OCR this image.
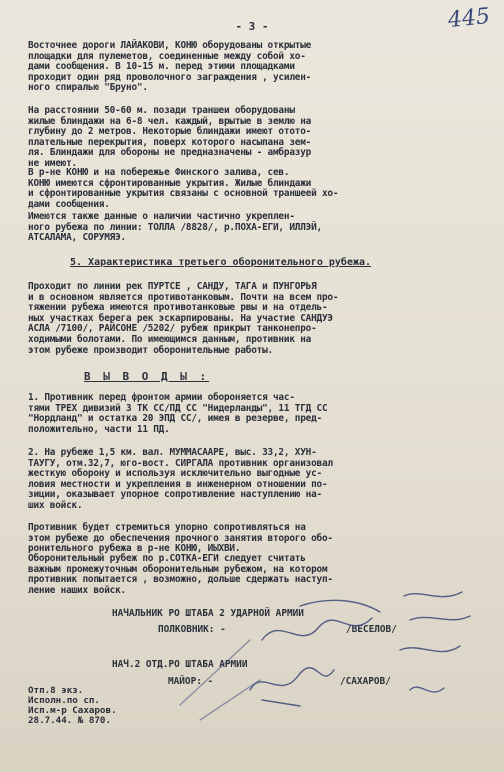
445
- 3 -

Восточнее дороги ЛАЙАКОВИ, КОНЮ оборудованы открытые
площадки для пулеметов, соединенные между собой хо-
дами сообщения. В 10-15 м. перед этими площадками
проходит один ряд проволочного заграждения , усилен-
ного спиралью "Бруно".

На расстоянии 50-60 м. позади траншеи оборудованы
жилые блиндажи на 6-8 чел. каждый, врытые в землю на
глубину до 2 метров. Некоторые блиндажи имеют отото-
плательные перекрытия, поверх которого насыпана зем-
ля. Блиндажи для обороны не предназначены - амбразур
не имеют.

В р-не КОНЮ и на побережье Финского залива, сев.
КОНЮ имеются сфронтированные укрытия. Жилые блиндажи
и сфронтированные укрытия связаны с основной траншеей хо-
дами сообщения.

Имеются также данные о наличии частично укреплен-
ного рубежа по линии: ТОЛЛА /8828/, р.ПОХА-ЕГИ, ИЛЛЭЙ,
АТСАЛАМА, СОРУМЯЭ.

5. Характеристика третьего оборонительного рубежа.

Проходит по линии рек ПУРТСЕ , САНДУ, ТАГА и ПУНГОРЬЯ
и в основном является противотанковым. Почти на всем про-
тяжении рубежа имеются противотанковые рвы и на отдель-
ных участках берега рек эскарпированы. На участие САНДУЭ
АСЛА /7100/, РАЙСОНЕ /5202/ рубеж прикрыт танконепро-
ходимыми болотами. По имеющимся данным, противник на
этом рубеже производит оборонительные работы.

В Ы В О Д Ы :

1. Противник перед фронтом армии обороняется час-
тями ТРЕХ дивизий З ТК СС/ПД СС "Нидерланды", 11 ТГД СС
"Нордланд" и остатка 20 ЭПД СС/, имея в резерве, пред-
положительно, части 11 ПД.

2. На рубеже 1,5 км. вал. МУММАСААРЕ, выс. 33,2, ХУН-
ТАУГУ, отм.32,7, юго-вост. СИРГАЛА противник организовал
жесткую оборону и используя исключительно выгодные ус-
ловия местности и укрепления в инженерном отношении по-
зиции, оказывает упорное сопротивление наступлению на-
ших войск.

Противник будет стремиться упорно сопротивляться на
этом рубеже до обеспечения прочного занятия второго обо-
ронительного рубежа в р-не КОНЮ, ИЫХВИ.

Оборонительный рубеж по р.СОТКА-ЕГИ следует считать
важным промежуточным оборонительным рубежом, на котором
противник попытается , возможно, дольше сдержать наступ-
ление наших войск.

НАЧАЛЬНИК РО ШТАБА 2 УДАРНОЙ АРМИИ
ПОЛКОВНИК: -	/ВЕСЕЛОВ/
НАЧ.2 ОТД.РО ШТАБА АРМИИ
МАЙОР: -	/САХАРОВ/
Отп.8 экз.
Исполн.по сп.
Исп.м-р Сахаров.
28.7.44. № 870.
